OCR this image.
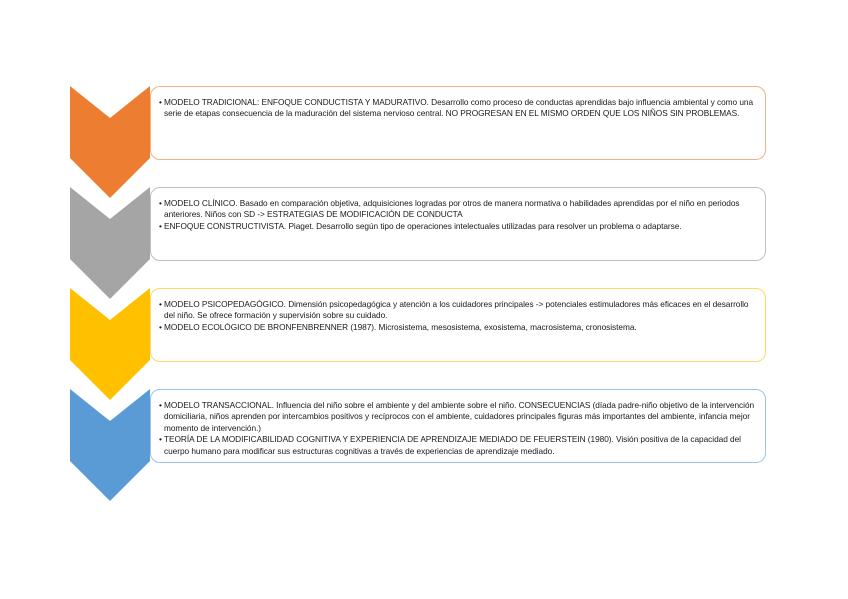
• MODELO TRADICIONAL: ENFOQUE CONDUCTISTA Y MADURATIVO. Desarrollo como proceso de conductas aprendidas bajo influencia ambiental y como una serie de etapas consecuencia de la maduración del sistema nervioso central. NO PROGRESAN EN EL MISMO ORDEN QUE LOS NIÑOS SIN PROBLEMAS.
• MODELO CLÍNICO. Basado en comparación objetiva, adquisiciones logradas por otros de manera normativa o habilidades aprendidas por el niño en periodos anteriores. Niños con SD -> ESTRATEGIAS DE MODIFICACIÓN DE CONDUCTA
• ENFOQUE CONSTRUCTIVISTA. Piaget. Desarrollo según tipo de operaciones intelectuales utilizadas para resolver un problema o adaptarse.
• MODELO PSICOPEDAGÓGICO. Dimensión psicopedagógica y atención a los cuidadores principales -> potenciales estimuladores más eficaces en el desarrollo del niño. Se ofrece formación y supervisión sobre su cuidado.
• MODELO ECOLÓGICO DE BRONFENBRENNER (1987). Microsistema, mesosistema, exosistema, macrosistema, cronosistema.
• MODELO TRANSACCIONAL. Influencia del niño sobre el ambiente y del ambiente sobre el niño. CONSECUENCIAS (díada padre-niño objetivo de la intervención domiciliaria, niños aprenden por intercambios positivos y recíprocos con el ambiente, cuidadores principales figuras más importantes del ambiente, infancia mejor momento de intervención.)
• TEORÍA DE LA MODIFICABILIDAD COGNITIVA Y EXPERIENCIA DE APRENDIZAJE MEDIADO DE FEUERSTEIN (1980). Visión positiva de la capacidad del cuerpo humano para modificar sus estructuras cognitivas a través de experiencias de aprendizaje mediado.
